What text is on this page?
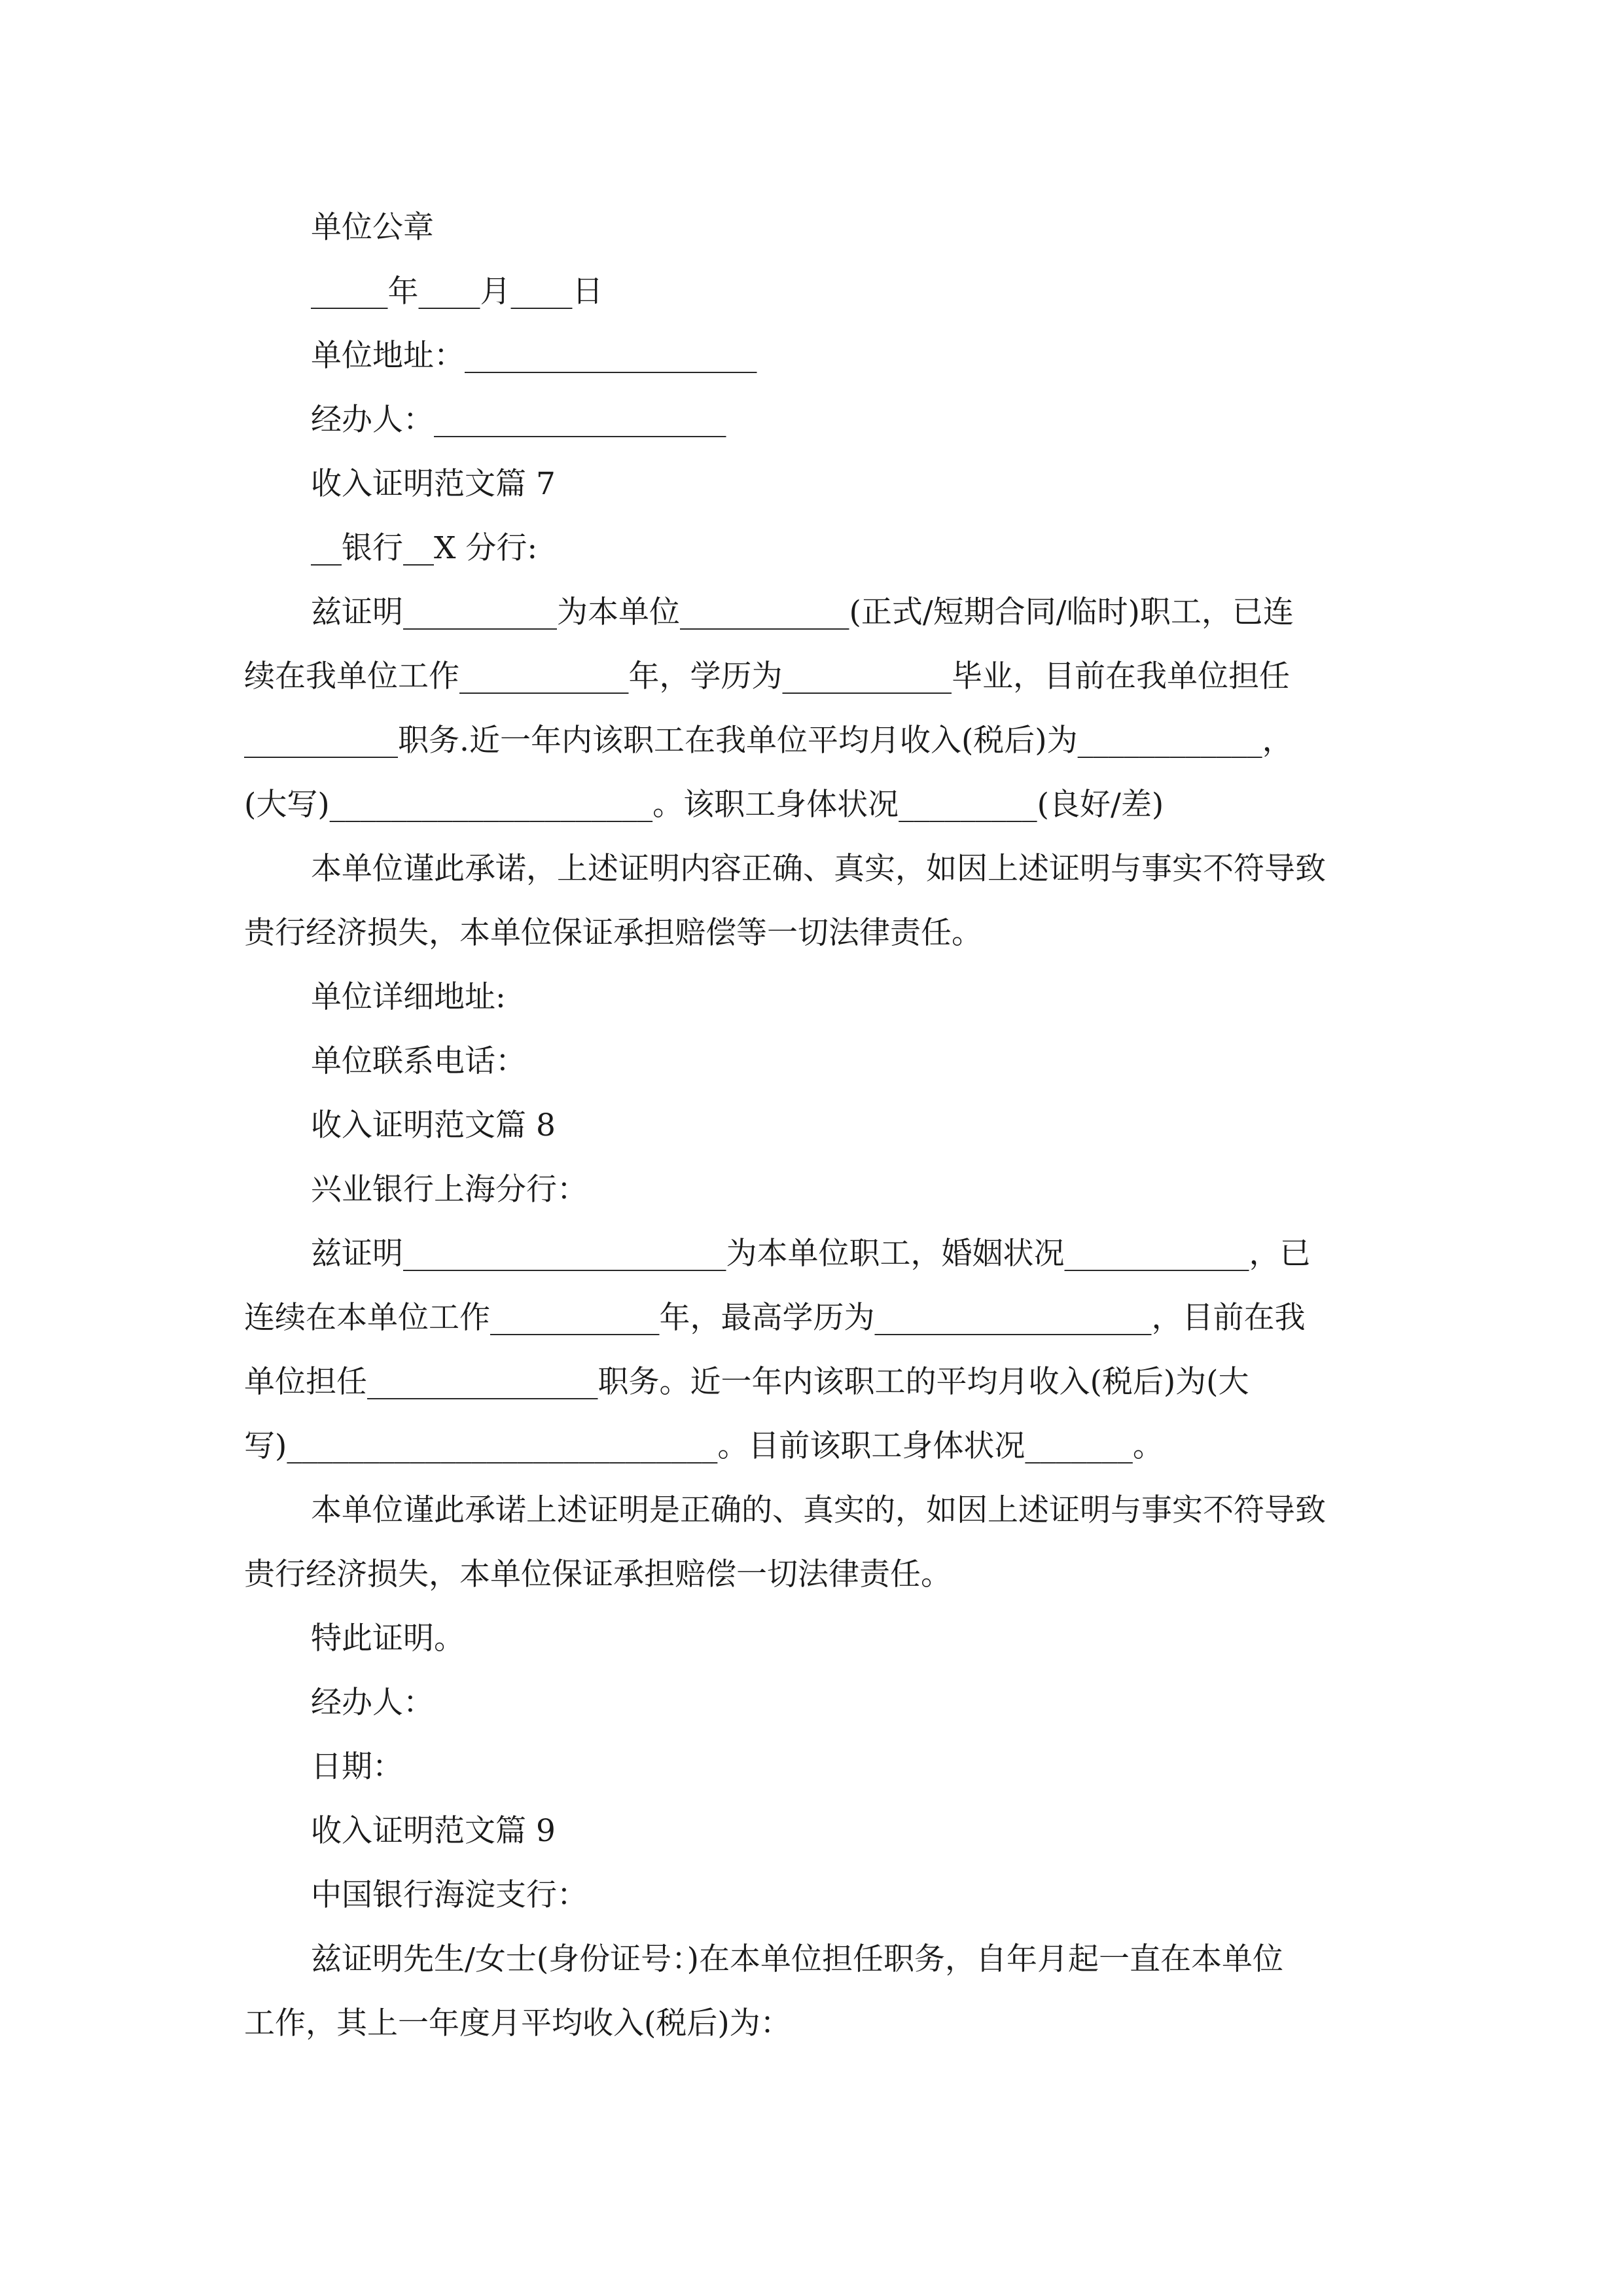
单位公章
_____年____月____日
单位地址：___________________
经办人：___________________
收入证明范文篇 7
__银行__X 分行:
兹证明__________为本单位___________(正式/短期合同/临时)职工，已连
续在我单位工作___________年，学历为___________毕业，目前在我单位担任
__________职务.近一年内该职工在我单位平均月收入(税后)为____________，
(大写)_____________________。该职工身体状况_________(良好/差)
本单位谨此承诺，上述证明内容正确、真实，如因上述证明与事实不符导致
贵行经济损失，本单位保证承担赔偿等一切法律责任。
单位详细地址:
单位联系电话：
收入证明范文篇 8
兴业银行上海分行：
兹证明_____________________为本单位职工，婚姻状况____________，已
连续在本单位工作___________年，最高学历为__________________，目前在我
单位担任_______________职务。近一年内该职工的平均月收入(税后)为(大
写)____________________________。目前该职工身体状况_______。
本单位谨此承诺上述证明是正确的、真实的，如因上述证明与事实不符导致
贵行经济损失，本单位保证承担赔偿一切法律责任。
特此证明。
经办人：
日期：
收入证明范文篇 9
中国银行海淀支行：
兹证明先生/女士(身份证号：)在本单位担任职务，自年月起一直在本单位
工作，其上一年度月平均收入(税后)为：
